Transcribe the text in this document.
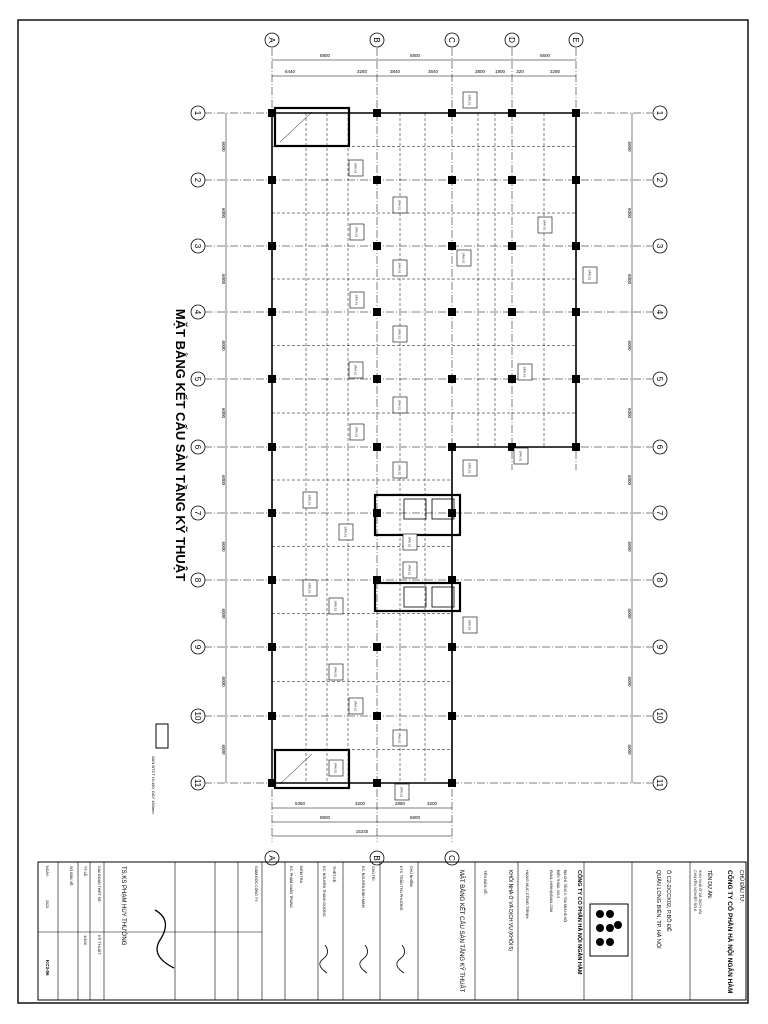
A
A
B
B
C
C
D	E
1	1
2	2
3	3
4	4
5	5
6	6
7	7
8	8
9	9
10	10
11	11
8800	6800	5600
6440	3260	3840	3840	3800 1900 320	3290
5360	3200	2880	3200
8800	6800
15240
6000	6000
6000	6000
6000	6000
6000	6000
6000	6000
6000	6000
6000	6000
6000	6000
6000	6000
6000	6000
SÀN S1
SÀN S1
SÀN S1
SÀN S1
SÀN S1
SÀN S1
SÀN S1
SÀN S1
SÀN S1
SÀN S1
SÀN S1
SÀN S1
SÀN S1
SÀN S1
SÀN S1
SÀN S1
SÀN S1
SÀN S1
SÀN S1
SÀN S1
SÀN S1
SÀN S1
SÀN S1
SÀN S1
SÀN S1
SÀN S1
SÀN S1
SÀN S1
SÀN S1
MẶT BẰNG KẾT CẤU SÀN TẦNG KỸ THUẬT
SÀN BTCT H=160, DÀY 160mm
CHỦ ĐẦU TƯ:
CÔNG TY CỔ PHẦN HÀ NỘI NGÂN HÀM
TÊN DỰ ÁN:
KHU NHÀ Ở VÀ DỊCH VỤ
CHUYÊN NGHIỆP SỐ 6
Ô C2-2/CCK02, P.BỒ ĐỀ
QUẬN LONG BIÊN, TP. HÀ NỘI
CÔNG TY CỔ PHẦN HÀ NỘI NGÂN HÀM
ĐỊA CHỈ: TẦNG 5, TÒA NHÀ HÀ NỘI
ĐIỆN THOẠI: 024.3
EMAIL: HNNH@GMAIL.COM
HẠNG MỤC CÔNG TRÌNH:
KHỐI NHÀ Ở VÀ DỊCH VỤ (KHỐI 5)
TÊN BẢN VẼ:
MẶT BẰNG KẾT CẤU SÀN TẦNG KỸ THUẬT
CHỦ NHIỆM:
CHỦ TRÌ:
THIẾT KẾ:
KIỂM TRA:	KTS. TRẦN THU PHƯƠNG
KS. NGUYỄN ĐÌNH MINH
KS. NGUYỄN THÀNH DƯƠNG
KS. PHẠM XUÂN TRUNG
GIÁM ĐỐC CÔNG TY:
TS.KS PHẠM HUY THƯỜNG
GIAI ĐOẠN THIẾT KẾ:
KỸ THUẬT
TỶ LỆ:
1/100
SỐ BẢN VẼ:
NGÀY:
2023
KC3-06
